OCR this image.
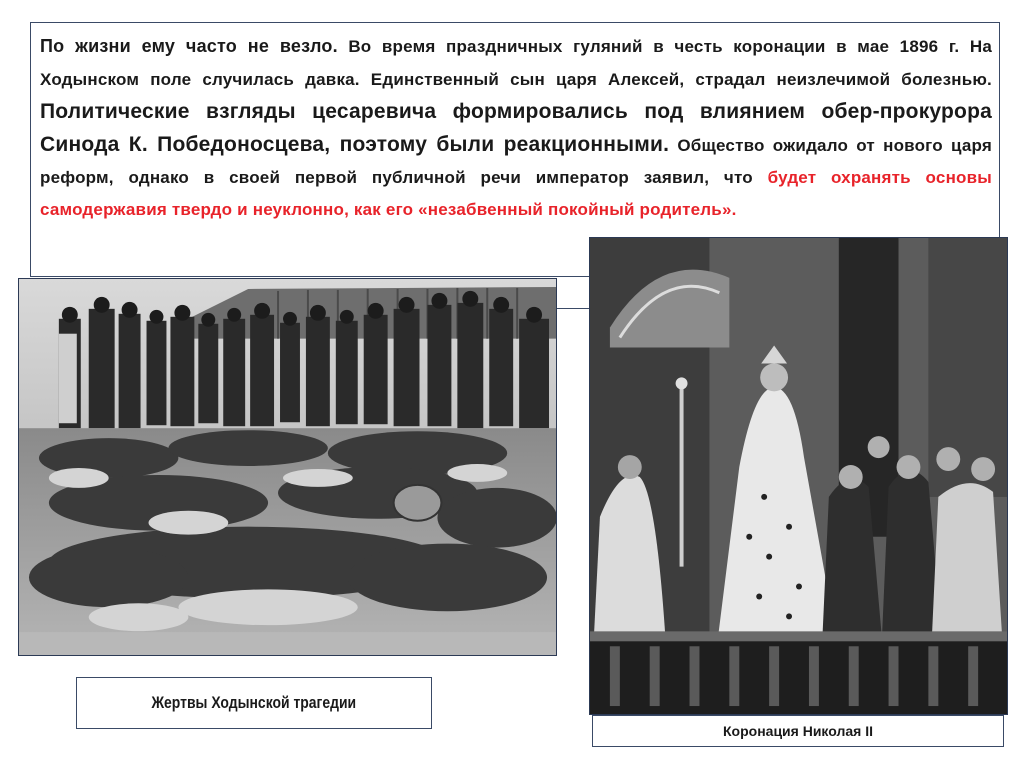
По жизни ему часто не везло. Во время праздничных гуляний в честь коронации в мае 1896 г. На Ходынском поле случилась давка. Единственный сын царя Алексей, страдал неизлечимой болезнью. Политические взгляды цесаревича формировались под влиянием обер-прокурора Синода К. Победоносцева, поэтому были реакционными. Общество ожидало от нового царя реформ, однако в своей первой публичной речи император заявил, что будет охранять основы самодержавия твердо и неуклонно, как его «незабвенный покойный родитель».
Жертвы Ходынской трагедии
Коронация Николая II
